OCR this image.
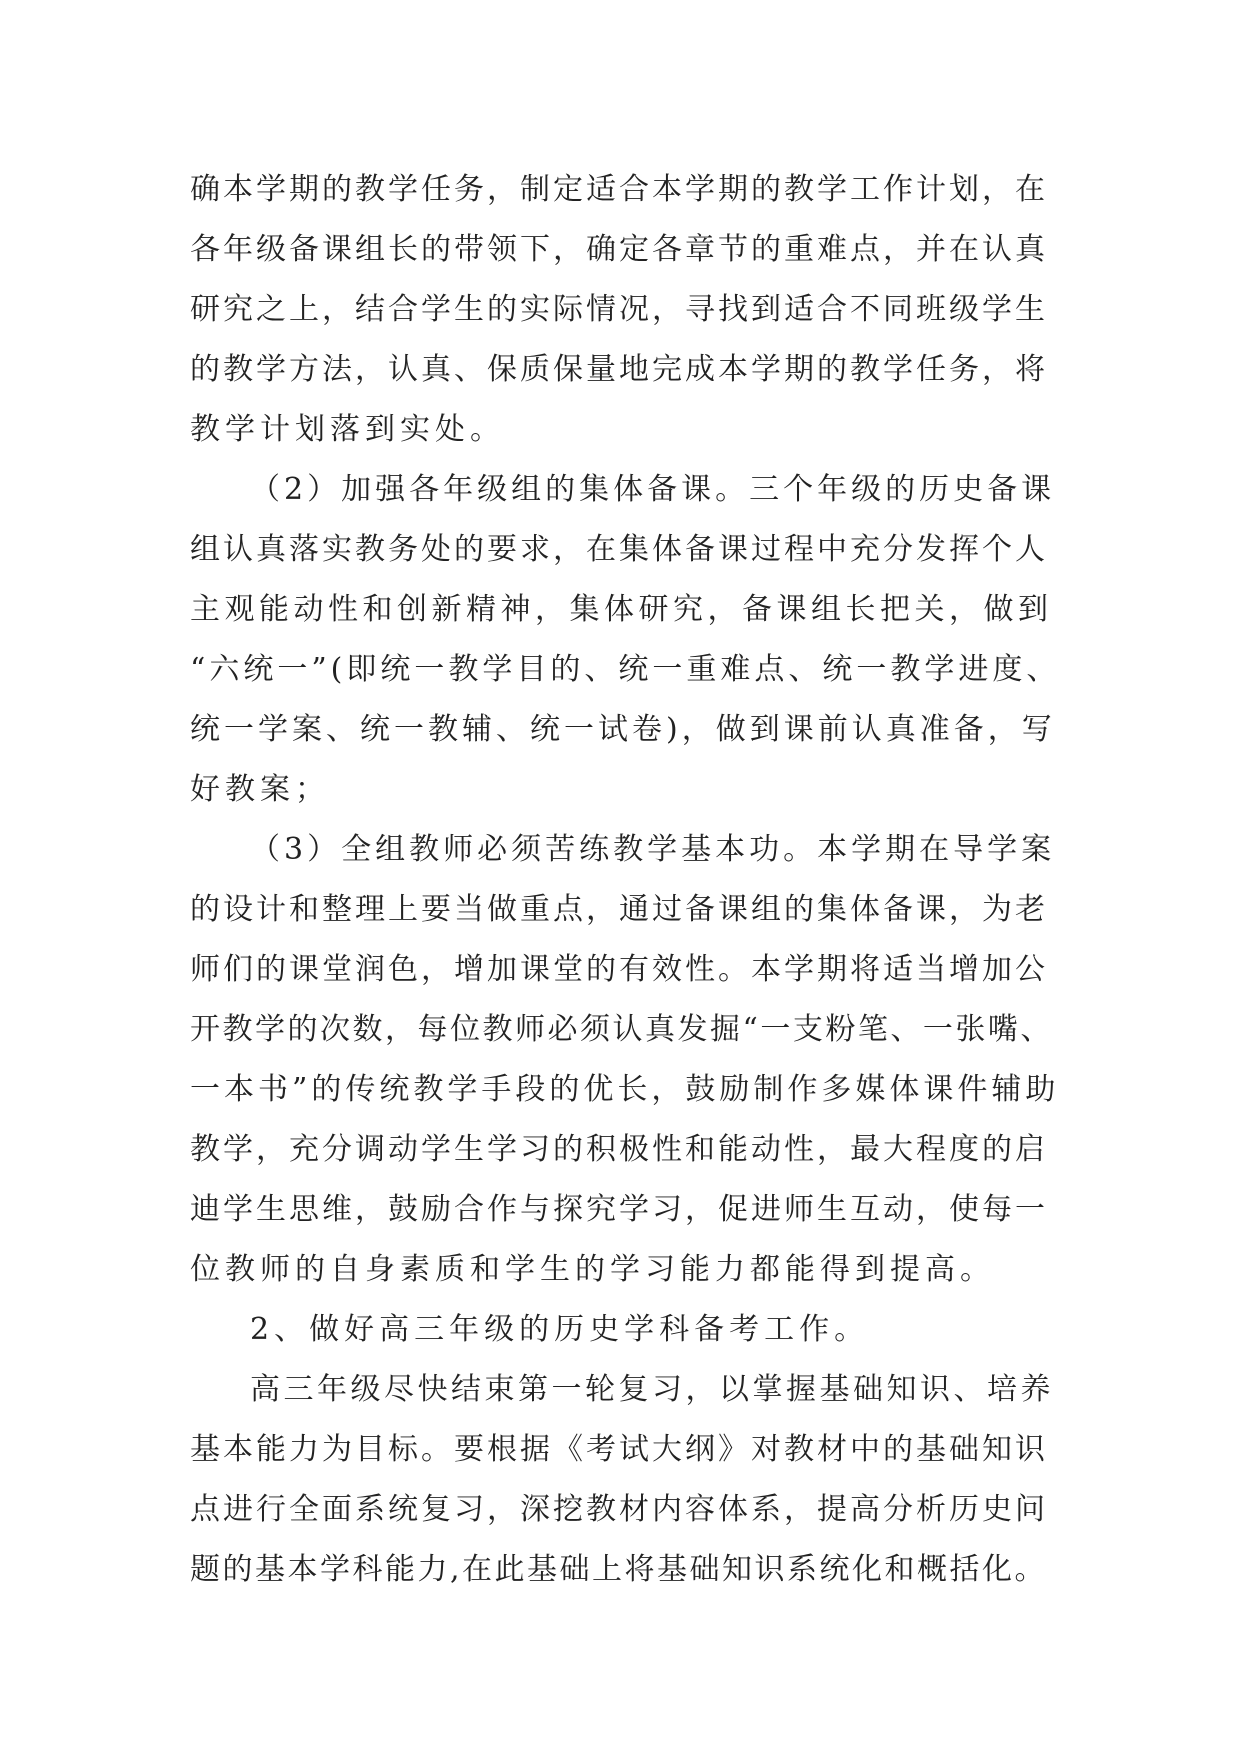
确本学期的教学任务，制定适合本学期的教学工作计划，在
各年级备课组长的带领下，确定各章节的重难点，并在认真
研究之上，结合学生的实际情况，寻找到适合不同班级学生
的教学方法，认真、保质保量地完成本学期的教学任务，将
教学计划落到实处。
（2）加强各年级组的集体备课。三个年级的历史备课
组认真落实教务处的要求，在集体备课过程中充分发挥个人
主观能动性和创新精神，集体研究，备课组长把关，做到
“六统一”(即统一教学目的、统一重难点、统一教学进度、
统一学案、统一教辅、统一试卷)，做到课前认真准备，写
好教案；
（3）全组教师必须苦练教学基本功。本学期在导学案
的设计和整理上要当做重点，通过备课组的集体备课，为老
师们的课堂润色，增加课堂的有效性。本学期将适当增加公
开教学的次数，每位教师必须认真发掘“一支粉笔、一张嘴、
一本书”的传统教学手段的优长，鼓励制作多媒体课件辅助
教学，充分调动学生学习的积极性和能动性，最大程度的启
迪学生思维，鼓励合作与探究学习，促进师生互动，使每一
位教师的自身素质和学生的学习能力都能得到提高。
2、做好高三年级的历史学科备考工作。
高三年级尽快结束第一轮复习，以掌握基础知识、培养
基本能力为目标。要根据《考试大纲》对教材中的基础知识
点进行全面系统复习，深挖教材内容体系，提高分析历史问
题的基本学科能力,在此基础上将基础知识系统化和概括化。
